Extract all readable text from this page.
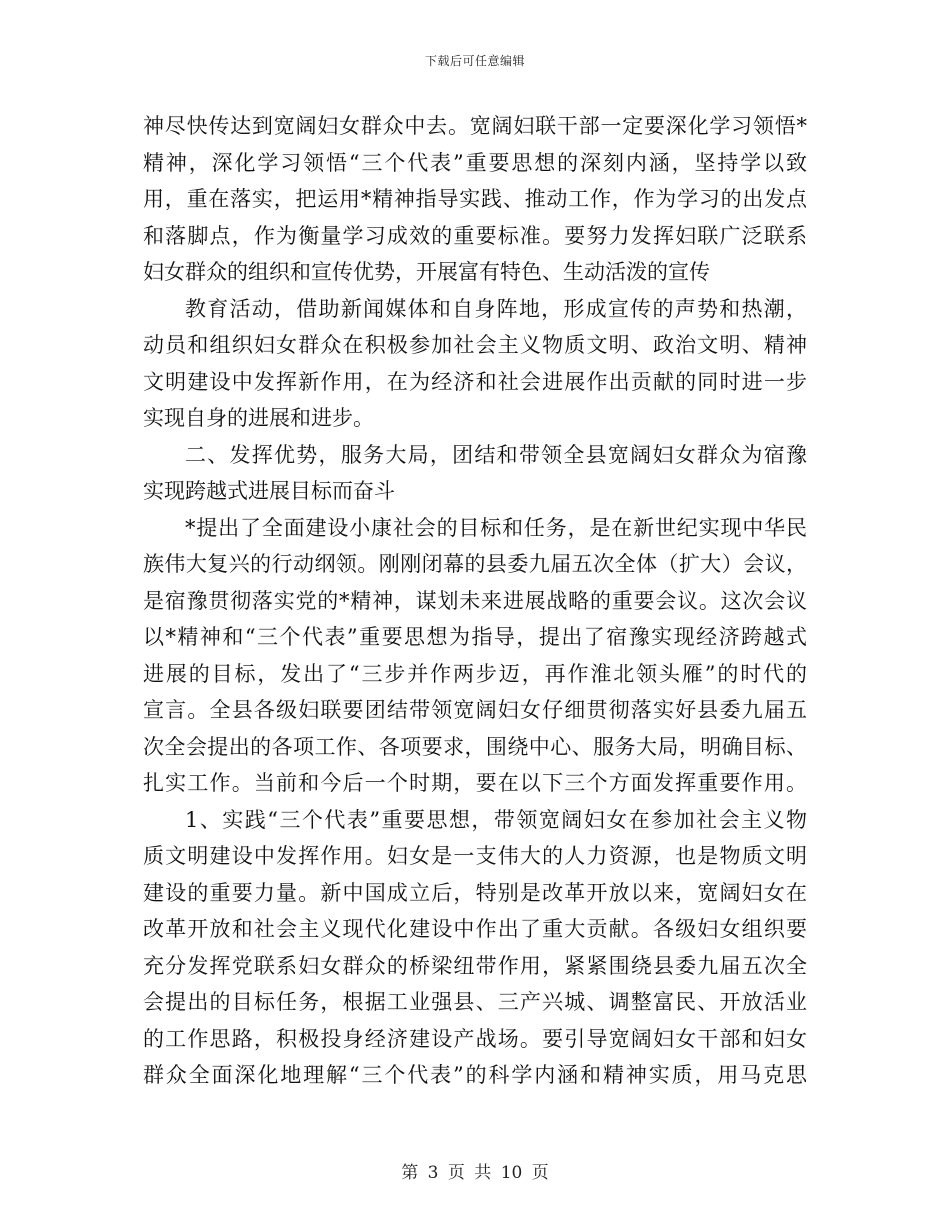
下载后可任意编辑
神尽快传达到宽阔妇女群众中去。宽阔妇联干部一定要深化学习领悟*
精神，深化学习领悟“三个代表”重要思想的深刻内涵，坚持学以致
用，重在落实，把运用*精神指导实践、推动工作，作为学习的出发点
和落脚点，作为衡量学习成效的重要标准。要努力发挥妇联广泛联系
妇女群众的组织和宣传优势，开展富有特色、生动活泼的宣传
教育活动，借助新闻媒体和自身阵地，形成宣传的声势和热潮，
动员和组织妇女群众在积极参加社会主义物质文明、政治文明、精神
文明建设中发挥新作用，在为经济和社会进展作出贡献的同时进一步
实现自身的进展和进步。
二、发挥优势，服务大局，团结和带领全县宽阔妇女群众为宿豫
实现跨越式进展目标而奋斗
*提出了全面建设小康社会的目标和任务，是在新世纪实现中华民
族伟大复兴的行动纲领。刚刚闭幕的县委九届五次全体（扩大）会议，
是宿豫贯彻落实党的*精神，谋划未来进展战略的重要会议。这次会议
以*精神和“三个代表”重要思想为指导，提出了宿豫实现经济跨越式
进展的目标，发出了“三步并作两步迈，再作淮北领头雁”的时代的
宣言。全县各级妇联要团结带领宽阔妇女仔细贯彻落实好县委九届五
次全会提出的各项工作、各项要求，围绕中心、服务大局，明确目标、
扎实工作。当前和今后一个时期，要在以下三个方面发挥重要作用。
1、实践“三个代表”重要思想，带领宽阔妇女在参加社会主义物
质文明建设中发挥作用。妇女是一支伟大的人力资源，也是物质文明
建设的重要力量。新中国成立后，特别是改革开放以来，宽阔妇女在
改革开放和社会主义现代化建设中作出了重大贡献。各级妇女组织要
充分发挥党联系妇女群众的桥梁纽带作用，紧紧围绕县委九届五次全
会提出的目标任务，根据工业强县、三产兴城、调整富民、开放活业
的工作思路，积极投身经济建设产战场。要引导宽阔妇女干部和妇女
群众全面深化地理解“三个代表”的科学内涵和精神实质，用马克思
第 3 页 共 10 页
